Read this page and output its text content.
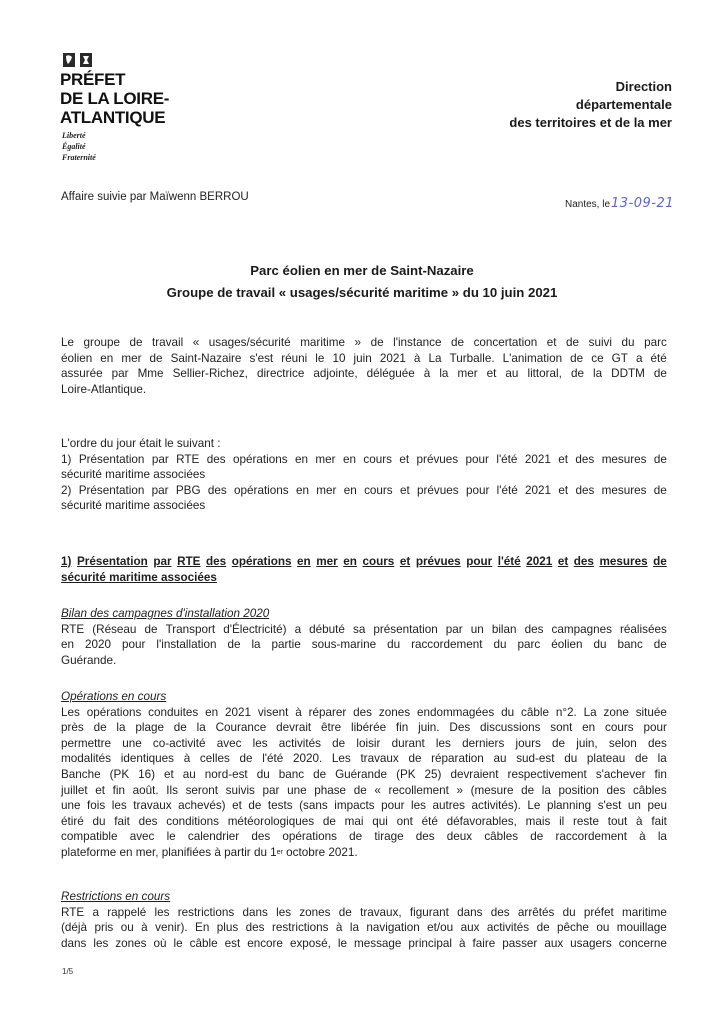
PRÉFET
DE LA LOIRE-
ATLANTIQUE
Liberté
Égalité
Fraternité
Direction
départementale
des territoires et de la mer
Affaire suivie par Maïwenn BERROU
Nantes, le13-09-21
Parc éolien en mer de Saint-Nazaire
Groupe de travail « usages/sécurité maritime » du 10 juin 2021
Le groupe de travail « usages/sécurité maritime » de l'instance de concertation et de suivi du parc
éolien en mer de Saint-Nazaire s'est réuni le 10 juin 2021 à La Turballe. L'animation de ce GT a été
assurée par Mme Sellier-Richez, directrice adjointe, déléguée à la mer et au littoral, de la DDTM de
Loire-Atlantique.
L'ordre du jour était le suivant :
1) Présentation par RTE des opérations en mer en cours et prévues pour l'été 2021 et des mesures de
sécurité maritime associées
2) Présentation par PBG des opérations en mer en cours et prévues pour l'été 2021 et des mesures de
sécurité maritime associées
1) Présentation par RTE des opérations en mer en cours et prévues pour l'été 2021 et des mesures de
sécurité maritime associées
Bilan des campagnes d'installation 2020
RTE (Réseau de Transport d'Électricité) a débuté sa présentation par un bilan des campagnes réalisées
en 2020 pour l'installation de la partie sous-marine du raccordement du parc éolien du banc de
Guérande.
Opérations en cours
Les opérations conduites en 2021 visent à réparer des zones endommagées du câble n°2. La zone située
près de la plage de la Courance devrait être libérée fin juin. Des discussions sont en cours pour
permettre une co-activité avec les activités de loisir durant les derniers jours de juin, selon des
modalités identiques à celles de l'été 2020. Les travaux de réparation au sud-est du plateau de la
Banche (PK 16) et au nord-est du banc de Guérande (PK 25) devraient respectivement s'achever fin
juillet et fin août. Ils seront suivis par une phase de « recollement » (mesure de la position des câbles
une fois les travaux achevés) et de tests (sans impacts pour les autres activités). Le planning s'est un peu
étiré du fait des conditions météorologiques de mai qui ont été défavorables, mais il reste tout à fait
compatible avec le calendrier des opérations de tirage des deux câbles de raccordement à la
plateforme en mer, planifiées à partir du 1 er octobre 2021.
Restrictions en cours
RTE a rappelé les restrictions dans les zones de travaux, figurant dans des arrêtés du préfet maritime
(déjà pris ou à venir). En plus des restrictions à la navigation et/ou aux activités de pêche ou mouillage
dans les zones où le câble est encore exposé, le message principal à faire passer aux usagers concerne
1/5
